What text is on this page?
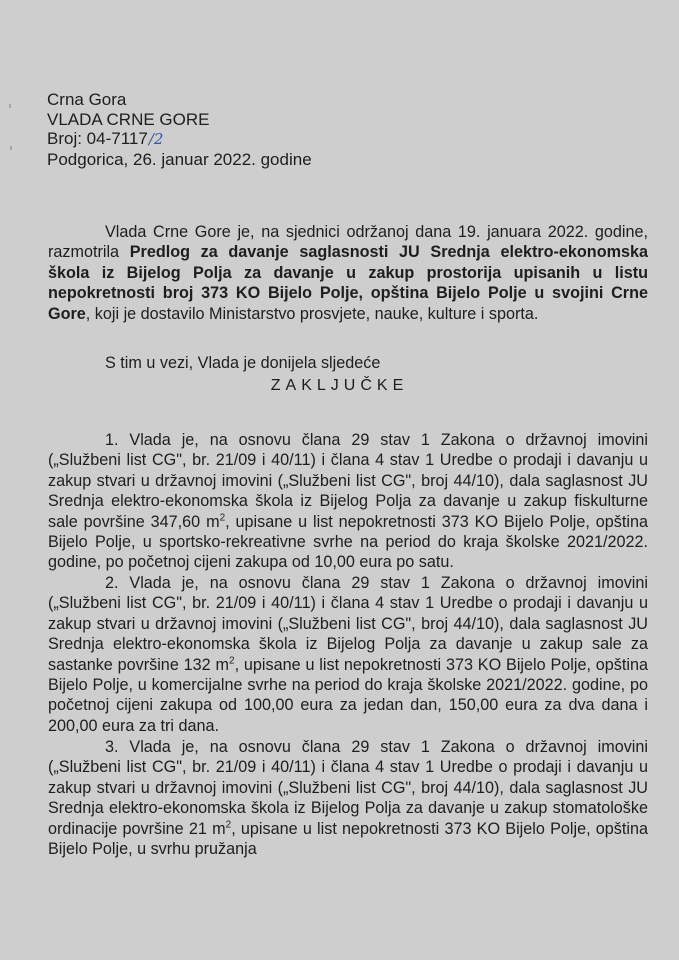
Crna Gora
VLADA CRNE GORE
Broj: 04-7117/2
Podgorica, 26. januar 2022. godine

Vlada Crne Gore je, na sjednici održanoj dana 19. januara 2022. godine, razmotrila Predlog za davanje saglasnosti JU Srednja elektro-ekonomska škola iz Bijelog Polja za davanje u zakup prostorija upisanih u listu nepokretnosti broj 373 KO Bijelo Polje, opština Bijelo Polje u svojini Crne Gore, koji je dostavilo Ministarstvo prosvjete, nauke, kulture i sporta.

S tim u vezi, Vlada je donijela sljedeće

ZAKLJUČKE

1. Vlada je, na osnovu člana 29 stav 1 Zakona o državnoj imovini („Službeni list CG", br. 21/09 i 40/11) i člana 4 stav 1 Uredbe o prodaji i davanju u zakup stvari u državnoj imovini („Službeni list CG", broj 44/10), dala saglasnost JU Srednja elektro-ekonomska škola iz Bijelog Polja za davanje u zakup fiskulturne sale površine 347,60 $m^2$, upisane u list nepokretnosti 373 KO Bijelo Polje, opština Bijelo Polje, u sportsko-rekreativne svrhe na period do kraja školske 2021/2022. godine, po početnoj cijeni zakupa od 10,00 eura po satu.

2. Vlada je, na osnovu člana 29 stav 1 Zakona o državnoj imovini („Službeni list CG", br. 21/09 i 40/11) i člana 4 stav 1 Uredbe o prodaji i davanju u zakup stvari u državnoj imovini („Službeni list CG", broj 44/10), dala saglasnost JU Srednja elektro-ekonomska škola iz Bijelog Polja za davanje u zakup sale za sastanke površine 132 $m^2$, upisane u list nepokretnosti 373 KO Bijelo Polje, opština Bijelo Polje, u komercijalne svrhe na period do kraja školske 2021/2022. godine, po početnoj cijeni zakupa od 100,00 eura za jedan dan, 150,00 eura za dva dana i 200,00 eura za tri dana.

3. Vlada je, na osnovu člana 29 stav 1 Zakona o državnoj imovini („Službeni list CG", br. 21/09 i 40/11) i člana 4 stav 1 Uredbe o prodaji i davanju u zakup stvari u državnoj imovini („Službeni list CG", broj 44/10), dala saglasnost JU Srednja elektro-ekonomska škola iz Bijelog Polja za davanje u zakup stomatološke ordinacije površine 21 $m^2$, upisane u list nepokretnosti 373 KO Bijelo Polje, opština Bijelo Polje, u svrhu pružanja
